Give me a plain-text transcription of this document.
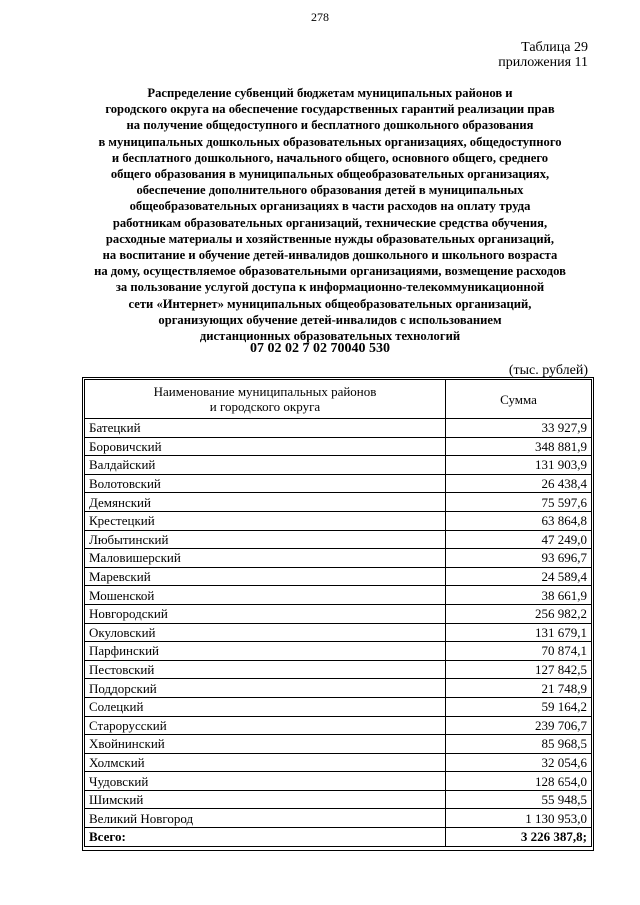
278
Таблица 29
приложения 11
Распределение субвенций бюджетам муниципальных районов и
городского округа на обеспечение государственных гарантий реализации прав
на получение общедоступного и бесплатного дошкольного образования
в муниципальных дошкольных образовательных организациях, общедоступного
и бесплатного дошкольного, начального общего, основного общего, среднего
общего образования в муниципальных общеобразовательных организациях,
обеспечение дополнительного образования детей в муниципальных
общеобразовательных организациях в части расходов на оплату труда
работникам образовательных организаций, технические средства обучения,
расходные материалы и хозяйственные нужды образовательных организаций,
на воспитание и обучение детей-инвалидов дошкольного и школьного возраста
на дому, осуществляемое образовательными организациями, возмещение расходов
за пользование услугой доступа к информационно-телекоммуникационной
сети «Интернет» муниципальных общеобразовательных организаций,
организующих обучение детей-инвалидов с использованием
дистанционных образовательных технологий
07 02 02 7 02 70040 530
(тыс. рублей)
Наименование муниципальных районов
и городского округа	Сумма
Батецкий	33 927,9
Боровичский	348 881,9
Валдайский	131 903,9
Волотовский	26 438,4
Демянский	75 597,6
Крестецкий	63 864,8
Любытинский	47 249,0
Маловишерский	93 696,7
Маревский	24 589,4
Мошенской	38 661,9
Новгородский	256 982,2
Окуловский	131 679,1
Парфинский	70 874,1
Пестовский	127 842,5
Поддорский	21 748,9
Солецкий	59 164,2
Старорусский	239 706,7
Хвойнинский	85 968,5
Холмский	32 054,6
Чудовский	128 654,0
Шимский	55 948,5
Великий Новгород	1 130 953,0
Всего:	3 226 387,8;
